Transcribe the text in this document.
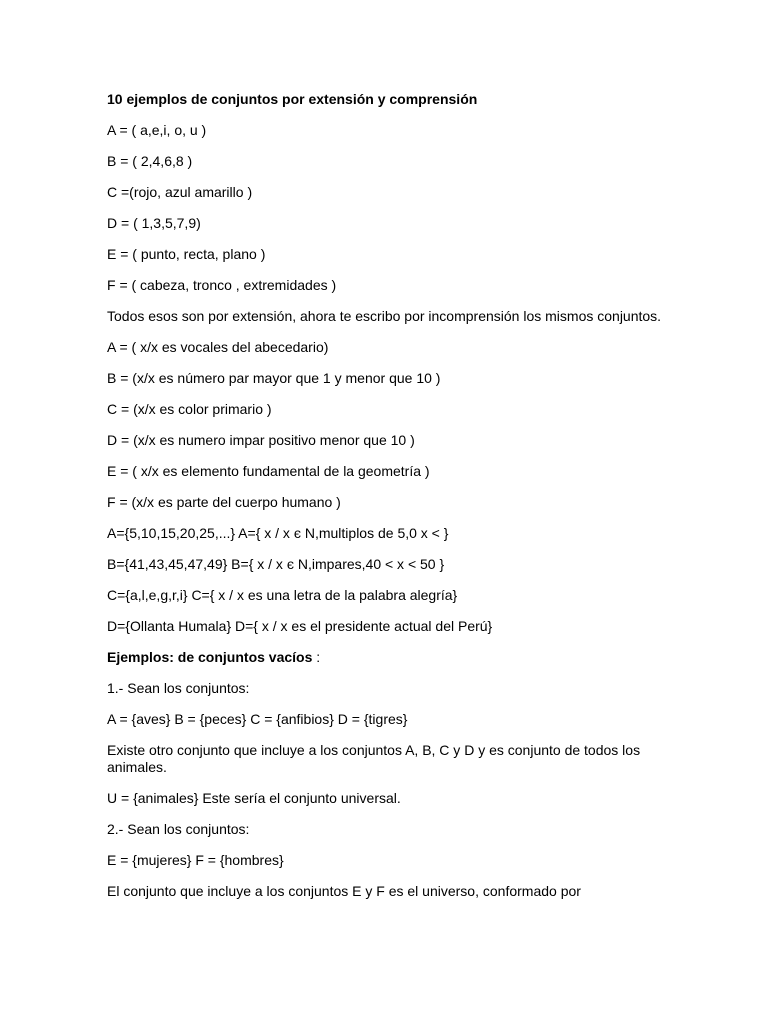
10 ejemplos de conjuntos por extensión y comprensión

A = ( a,e,i, o, u )

B = ( 2,4,6,8 )

C =(rojo, azul amarillo )

D = ( 1,3,5,7,9)

E = ( punto, recta, plano )

F = ( cabeza, tronco , extremidades )

Todos esos son por extensión, ahora te escribo por incomprensión los mismos conjuntos.

A = ( x/x es vocales del abecedario)

B = (x/x es número par mayor que 1 y menor que 10 )

C = (x/x es color primario )

D = (x/x es numero impar positivo menor que 10 )

E = ( x/x es elemento fundamental de la geometría )

F = (x/x es parte del cuerpo humano )

A={5,10,15,20,25,...} A={ x / x є N,multiplos de 5,0 x < }

B={41,43,45,47,49} B={ x / x є N,impares,40 < x < 50 }

C={a,l,e,g,r,i} C={ x / x es una letra de la palabra alegría}

D={Ollanta Humala} D={ x / x es el presidente actual del Perú}

Ejemplos: de conjuntos vacíos :

1.- Sean los conjuntos:

A = {aves} B = {peces} C = {anfibios} D = {tigres}

Existe otro conjunto que incluye a los conjuntos A, B, C y D y es conjunto de todos los animales.

U = {animales} Este sería el conjunto universal.

2.- Sean los conjuntos:

E = {mujeres} F = {hombres}

El conjunto que incluye a los conjuntos E y F es el universo, conformado por
